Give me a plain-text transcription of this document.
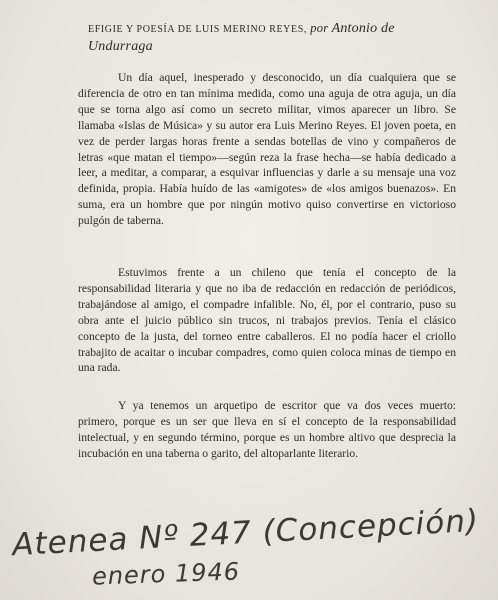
EFIGIE Y POESÍA DE LUIS MERINO REYES, por Antonio de Undurraga

Un día aquel, inesperado y desconocido, un día cualquiera que se diferencia de otro en tan mínima medida, como una aguja de otra aguja, un día que se torna algo así como un secreto militar, vimos aparecer un libro. Se llamaba «Islas de Música» y su autor era Luis Merino Reyes. El joven poeta, en vez de perder largas horas frente a sendas botellas de vino y compañeros de letras «que matan el tiempo»—según reza la frase hecha—se había dedicado a leer, a meditar, a comparar, a esquivar influencias y darle a su mensaje una voz definida, propia. Había huído de las «amigotes» de «los amigos buenazos». En suma, era un hombre que por ningún motivo quiso convertirse en victorioso pulgón de taberna.

Estuvimos frente a un chileno que tenía el concepto de la responsabilidad literaria y que no iba de redacción en redacción de periódicos, trabajándose al amigo, el compadre infalible. No, él, por el contrario, puso su obra ante el juicio público sin trucos, ni trabajos previos. Tenía el clásico concepto de la justa, del torneo entre caballeros. El no podía hacer el criollo trabajito de acaitar o incubar compadres, como quien coloca minas de tiempo en una rada.

Y ya tenemos un arquetipo de escritor que va dos veces muerto: primero, porque es un ser que lleva en sí el concepto de la responsabilidad intelectual, y en segundo término, porque es un hombre altivo que desprecia la incubación en una taberna o garito, del altoparlante literario.

Atenea Nº 247 (Concepción)
enero 1946
